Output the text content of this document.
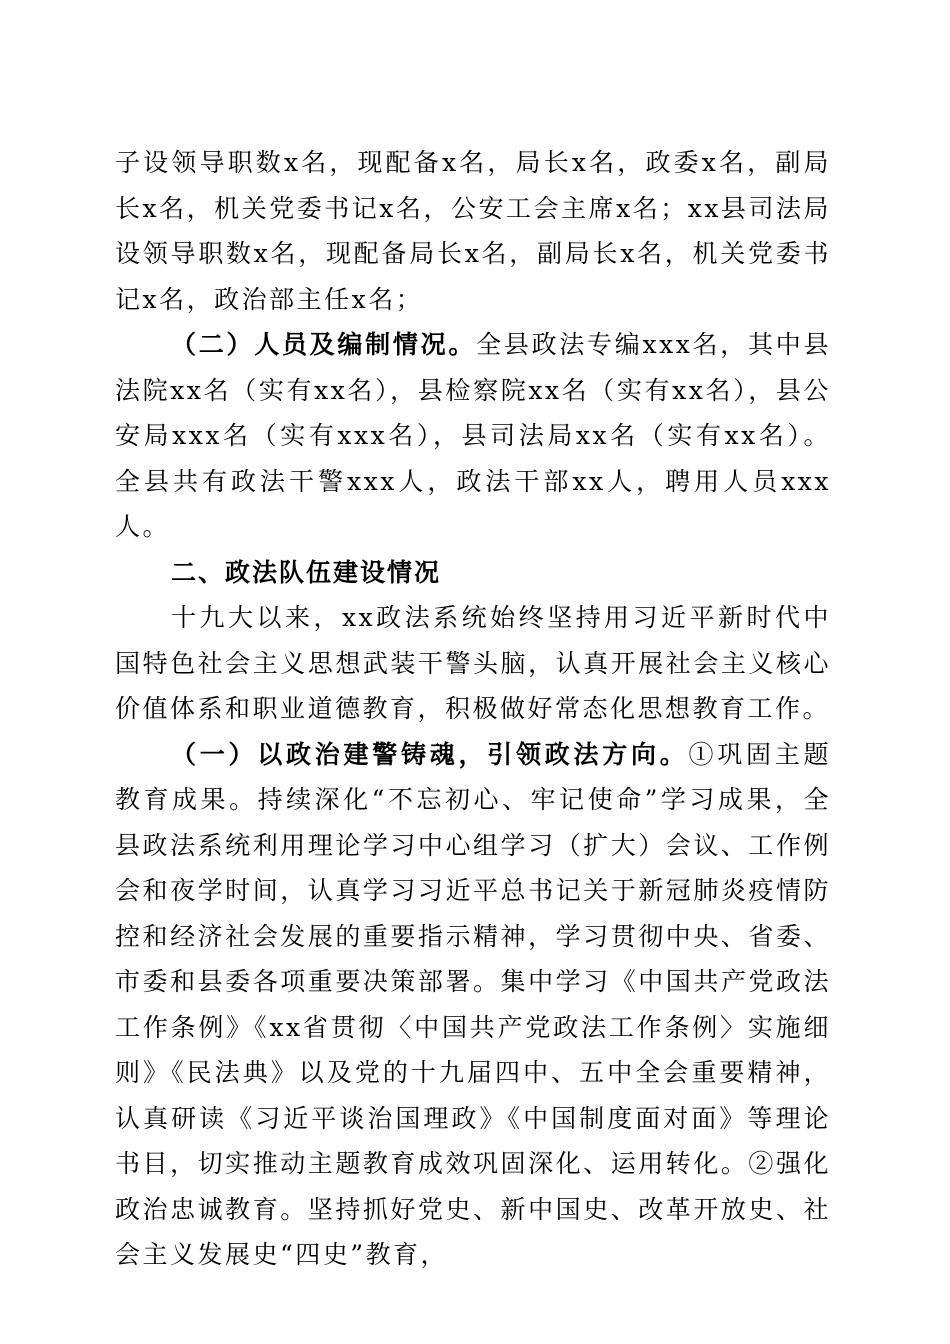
子设领导职数x名，现配备x名，局长x名，政委x名，副局长x名，机关党委书记x名，公安工会主席x名；xx县司法局设领导职数x名，现配备局长x名，副局长x名，机关党委书记x名，政治部主任x名；

（二）人员及编制情况。全县政法专编xxx名，其中县法院xx名（实有xx名），县检察院xx名（实有xx名），县公安局xxx名（实有xxx名），县司法局xx名（实有xx名）。全县共有政法干警xxx人，政法干部xx人，聘用人员xxx人。

二、政法队伍建设情况

十九大以来，xx政法系统始终坚持用习近平新时代中国特色社会主义思想武装干警头脑，认真开展社会主义核心价值体系和职业道德教育，积极做好常态化思想教育工作。

（一）以政治建警铸魂，引领政法方向。①巩固主题教育成果。持续深化“不忘初心、牢记使命”学习成果，全县政法系统利用理论学习中心组学习（扩大）会议、工作例会和夜学时间，认真学习习近平总书记关于新冠肺炎疫情防控和经济社会发展的重要指示精神，学习贯彻中央、省委、市委和县委各项重要决策部署。集中学习《中国共产党政法工作条例》《xx省贯彻〈中国共产党政法工作条例〉实施细则》《民法典》以及党的十九届四中、五中全会重要精神，认真研读《习近平谈治国理政》《中国制度面对面》等理论书目，切实推动主题教育成效巩固深化、运用转化。②强化政治忠诚教育。坚持抓好党史、新中国史、改革开放史、社会主义发展史“四史”教育，
